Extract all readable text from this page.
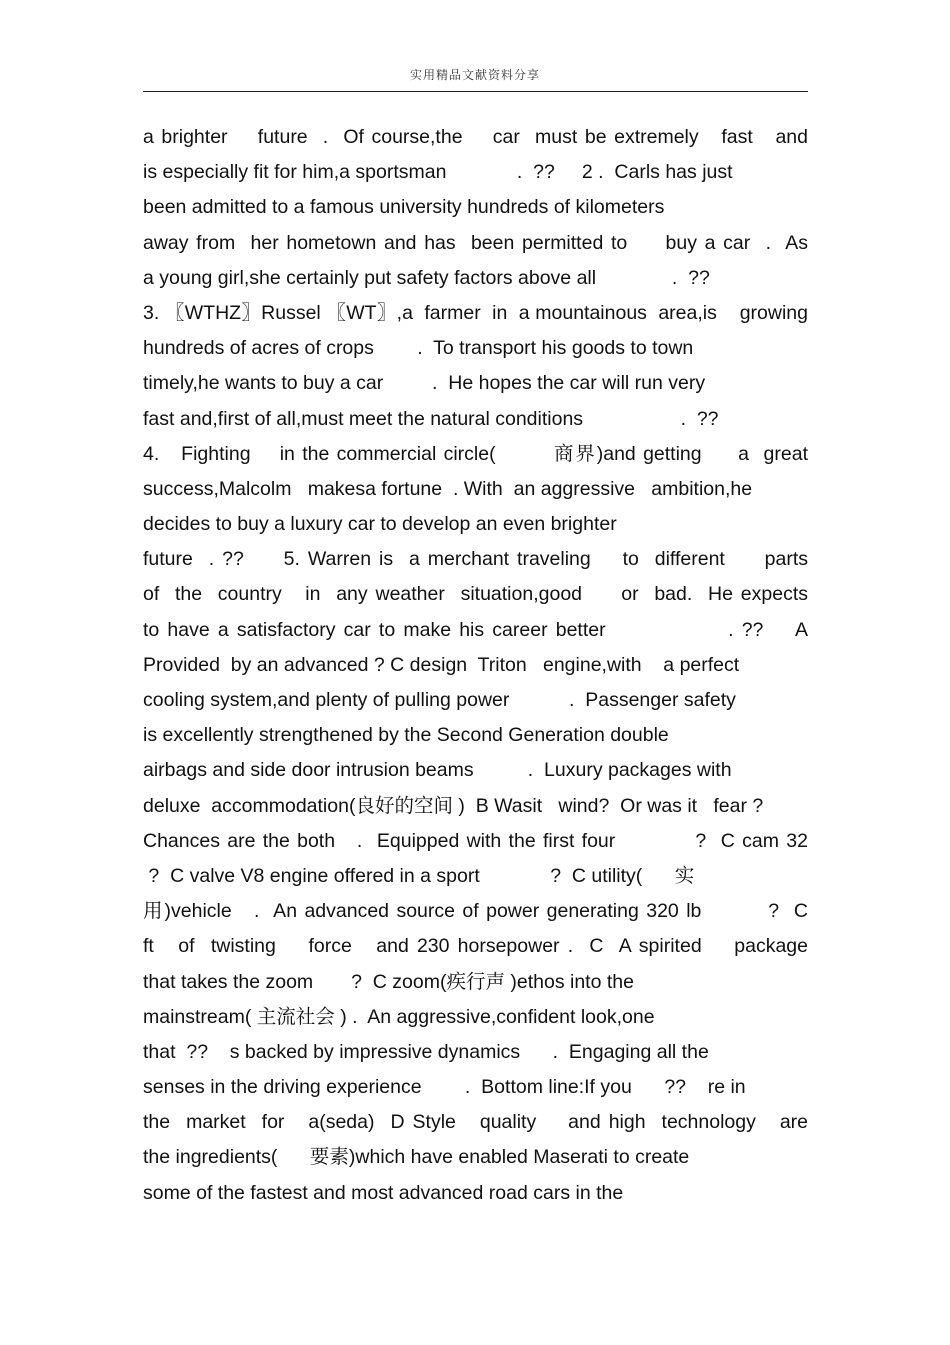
实用精品文献资料分享
a brighter    future  .  Of course,the    car  must be extremely   fast   and
is especially fit for him,a sportsman             .  ??     2 .  Carls has just
been admitted to a famous university hundreds of kilometers
away from  her hometown and has  been permitted to     buy a car  .  As
a young girl,she certainly put safety factors above all              .  ??
3. 〖WTHZ〗Russel 〖WT〗,a  farmer  in  a mountainous  area,is    growing
hundreds of acres of crops        .  To transport his goods to town
timely,he wants to buy a car         .  He hopes the car will run very
fast and,first of all,must meet the natural conditions                  .  ??
4.   Fighting    in the commercial circle(        商界)and getting     a  great
success,Malcolm   makesa fortune  . With  an aggressive   ambition,he
decides to buy a luxury car to develop an even brighter
future  . ??     5. Warren is  a merchant traveling    to  different     parts
of  the  country   in  any weather  situation,good     or  bad.  He expects
to have a satisfactory car to make his career better               . ??    A
Provided  by an advanced ? C design  Triton   engine,with    a perfect
cooling system,and plenty of pulling power           .  Passenger safety
is excellently strengthened by the Second Generation double
airbags and side door intrusion beams          .  Luxury packages with
deluxe  accommodation(良好的空间 )  B Wasit   wind?  Or was it   fear ?
Chances are the both   .  Equipped with the first four           ?  C cam 32
?  C valve V8 engine offered in a sport             ?  C utility(      实
用)vehicle   .  An advanced source of power generating 320 lb         ?  C
ft   of  twisting    force   and 230 horsepower .  C  A spirited    package
that takes the zoom       ?  C zoom(疾行声 )ethos into the
mainstream( 主流社会 ) .  An aggressive,confident look,one
that  ??    s backed by impressive dynamics      .  Engaging all the
senses in the driving experience        .  Bottom line:If you      ??    re in
the  market  for   a(seda)  D Style   quality    and high  technology   are
the ingredients(      要素)which have enabled Maserati to create
some of the fastest and most advanced road cars in the
